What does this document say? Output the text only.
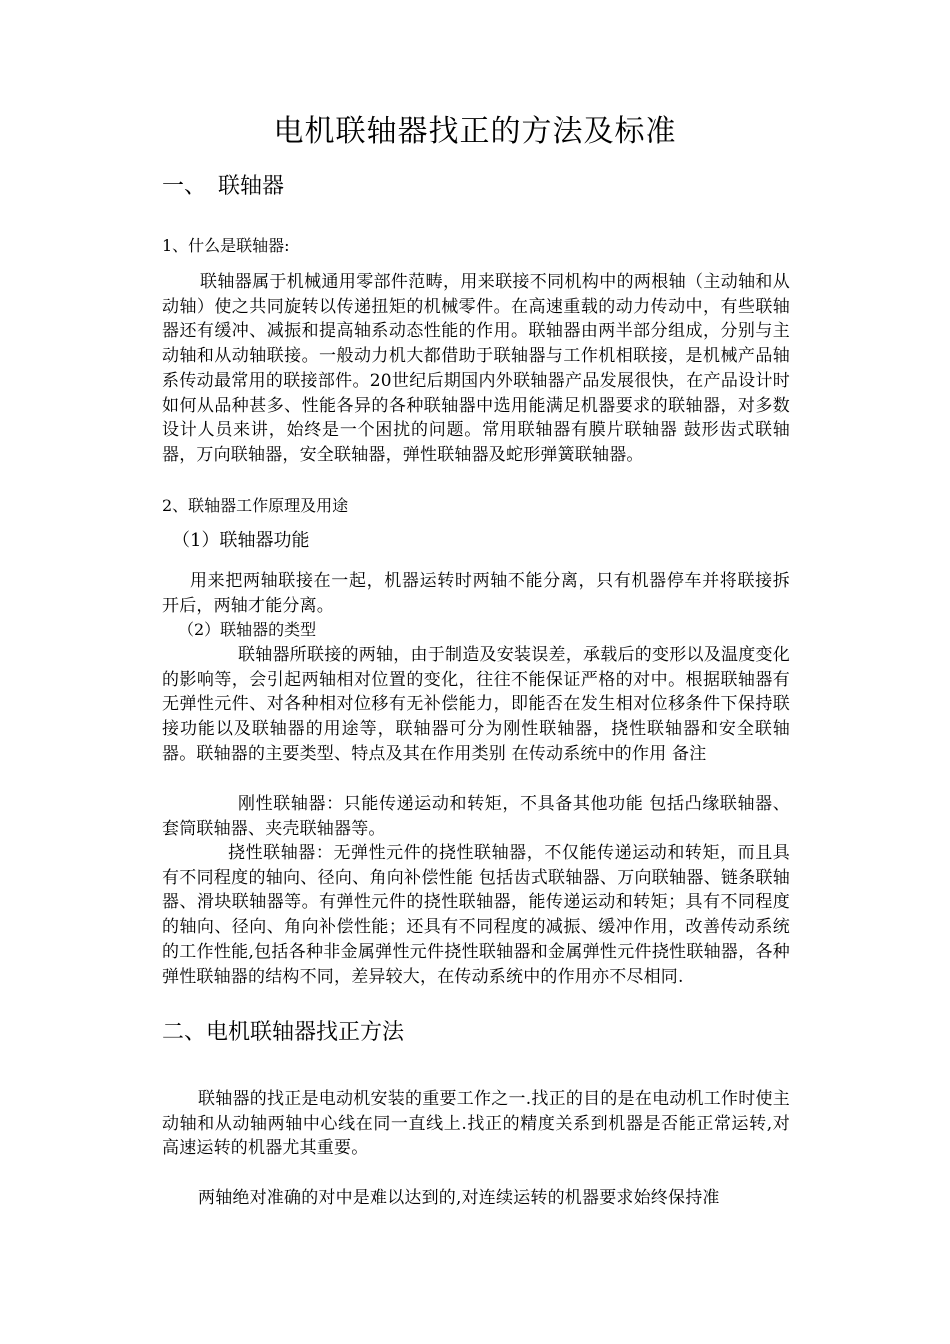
电机联轴器找正的方法及标准
一、 联轴器
1、什么是联轴器:
联轴器属于机械通用零部件范畴，用来联接不同机构中的两根轴（主动轴和从动轴）使之共同旋转以传递扭矩的机械零件。在高速重载的动力传动中，有些联轴器还有缓冲、减振和提高轴系动态性能的作用。联轴器由两半部分组成，分别与主动轴和从动轴联接。一般动力机大都借助于联轴器与工作机相联接，是机械产品轴系传动最常用的联接部件。20世纪后期国内外联轴器产品发展很快，在产品设计时如何从品种甚多、性能各异的各种联轴器中选用能满足机器要求的联轴器，对多数设计人员来讲，始终是一个困扰的问题。常用联轴器有膜片联轴器 鼓形齿式联轴器，万向联轴器，安全联轴器，弹性联轴器及蛇形弹簧联轴器。
2、联轴器工作原理及用途
（1）联轴器功能
用来把两轴联接在一起，机器运转时两轴不能分离，只有机器停车并将联接拆开后，两轴才能分离。
（2）联轴器的类型
联轴器所联接的两轴，由于制造及安装误差，承载后的变形以及温度变化的影响等，会引起两轴相对位置的变化，往往不能保证严格的对中。根据联轴器有无弹性元件、对各种相对位移有无补偿能力，即能否在发生相对位移条件下保持联接功能以及联轴器的用途等，联轴器可分为刚性联轴器，挠性联轴器和安全联轴器。联轴器的主要类型、特点及其在作用类别 在传动系统中的作用 备注
刚性联轴器：只能传递运动和转矩，不具备其他功能 包括凸缘联轴器、套筒联轴器、夹壳联轴器等。
挠性联轴器：无弹性元件的挠性联轴器，不仅能传递运动和转矩，而且具有不同程度的轴向、径向、角向补偿性能 包括齿式联轴器、万向联轴器、链条联轴器、滑块联轴器等。有弹性元件的挠性联轴器，能传递运动和转矩；具有不同程度的轴向、径向、角向补偿性能；还具有不同程度的减振、缓冲作用，改善传动系统的工作性能,包括各种非金属弹性元件挠性联轴器和金属弹性元件挠性联轴器，各种弹性联轴器的结构不同，差异较大，在传动系统中的作用亦不尽相同.
二、电机联轴器找正方法
联轴器的找正是电动机安装的重要工作之一.找正的目的是在电动机工作时使主动轴和从动轴两轴中心线在同一直线上.找正的精度关系到机器是否能正常运转,对高速运转的机器尤其重要。
两轴绝对准确的对中是难以达到的,对连续运转的机器要求始终保持准
